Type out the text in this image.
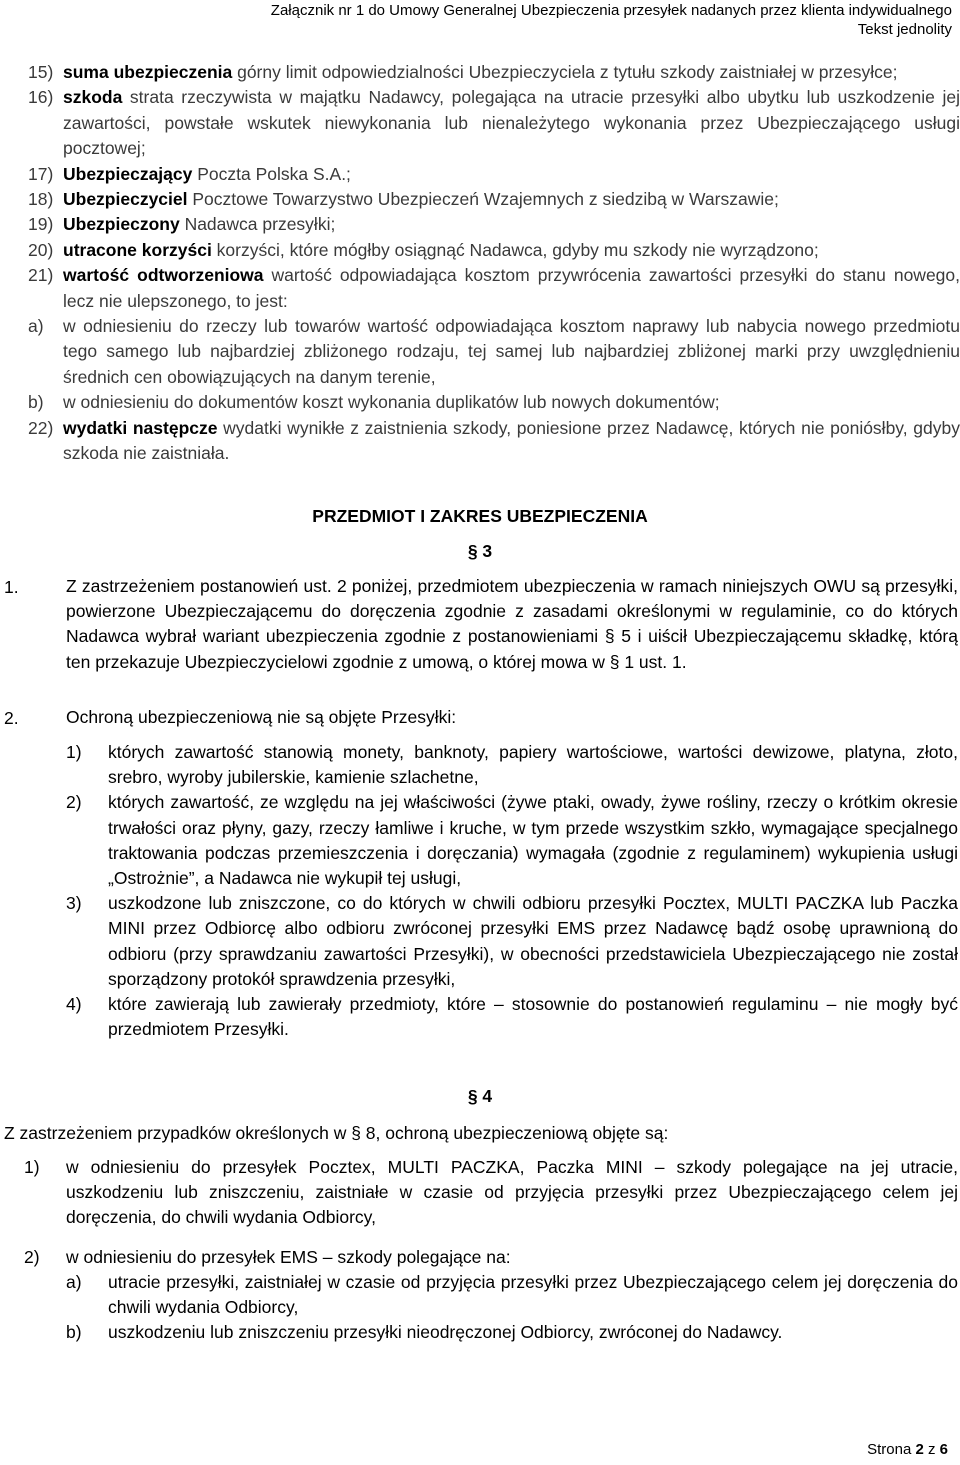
Załącznik nr 1 do Umowy Generalnej Ubezpieczenia przesyłek nadanych przez klienta indywidualnego
Tekst jednolity
15) suma ubezpieczenia górny limit odpowiedzialności Ubezpieczyciela z tytułu szkody zaistniałej w przesyłce;
16) szkoda strata rzeczywista w majątku Nadawcy, polegająca na utracie przesyłki albo ubytku lub uszkodzenie jej zawartości, powstałe wskutek niewykonania lub nienależytego wykonania przez Ubezpieczającego usługi pocztowej;
17) Ubezpieczający Poczta Polska S.A.;
18) Ubezpieczyciel Pocztowe Towarzystwo Ubezpieczeń Wzajemnych z siedzibą w Warszawie;
19) Ubezpieczony Nadawca przesyłki;
20) utracone korzyści korzyści, które mógłby osiągnąć Nadawca, gdyby mu szkody nie wyrządzono;
21) wartość odtworzeniowa wartość odpowiadająca kosztom przywrócenia zawartości przesyłki do stanu nowego, lecz nie ulepszonego, to jest:
a) w odniesieniu do rzeczy lub towarów wartość odpowiadająca kosztom naprawy lub nabycia nowego przedmiotu tego samego lub najbardziej zbliżonego rodzaju, tej samej lub najbardziej zbliżonej marki przy uwzględnieniu średnich cen obowiązujących na danym terenie,
b) w odniesieniu do dokumentów koszt wykonania duplikatów lub nowych dokumentów;
22) wydatki następcze wydatki wynikłe z zaistnienia szkody, poniesione przez Nadawcę, których nie poniósłby, gdyby szkoda nie zaistniała.
PRZEDMIOT I ZAKRES UBEZPIECZENIA
§ 3
1.	Z zastrzeżeniem postanowień ust. 2 poniżej, przedmiotem ubezpieczenia w ramach niniejszych OWU są przesyłki, powierzone Ubezpieczającemu do doręczenia zgodnie z zasadami określonymi w regulaminie, co do których Nadawca wybrał wariant ubezpieczenia zgodnie z postanowieniami § 5 i uiścił Ubezpieczającemu składkę, którą ten przekazuje Ubezpieczycielowi zgodnie z umową, o której mowa w § 1 ust. 1.
2.	Ochroną ubezpieczeniową nie są objęte Przesyłki:
1) których zawartość stanowią monety, banknoty, papiery wartościowe, wartości dewizowe, platyna, złoto, srebro, wyroby jubilerskie, kamienie szlachetne,
2) których zawartość, ze względu na jej właściwości (żywe ptaki, owady, żywe rośliny, rzeczy o krótkim okresie trwałości oraz płyny, gazy, rzeczy łamliwe i kruche, w tym przede wszystkim szkło, wymagające specjalnego traktowania podczas przemieszczenia i doręczania) wymagała (zgodnie z regulaminem) wykupienia usługi „Ostrożnie”, a Nadawca nie wykupił tej usługi,
3) uszkodzone lub zniszczone, co do których w chwili odbioru przesyłki Pocztex, MULTI PACZKA lub Paczka MINI przez Odbiorcę albo odbioru zwróconej przesyłki EMS przez Nadawcę bądź osobę uprawnioną do odbioru (przy sprawdzaniu zawartości Przesyłki), w obecności przedstawiciela Ubezpieczającego nie został sporządzony protokół sprawdzenia przesyłki,
4) które zawierają lub zawierały przedmioty, które – stosownie do postanowień regulaminu – nie mogły być przedmiotem Przesyłki.
§ 4
Z zastrzeżeniem przypadków określonych w § 8, ochroną ubezpieczeniową objęte są:
1) w odniesieniu do przesyłek Pocztex, MULTI PACZKA, Paczka MINI – szkody polegające na jej utracie, uszkodzeniu lub zniszczeniu, zaistniałe w czasie od przyjęcia przesyłki przez Ubezpieczającego celem jej doręczenia, do chwili wydania Odbiorcy,
2) w odniesieniu do przesyłek EMS – szkody polegające na:
a) utracie przesyłki, zaistniałej w czasie od przyjęcia przesyłki przez Ubezpieczającego celem jej doręczenia do chwili wydania Odbiorcy,
b) uszkodzeniu lub zniszczeniu przesyłki nieodręczonej Odbiorcy, zwróconej do Nadawcy.
Strona 2 z 6
